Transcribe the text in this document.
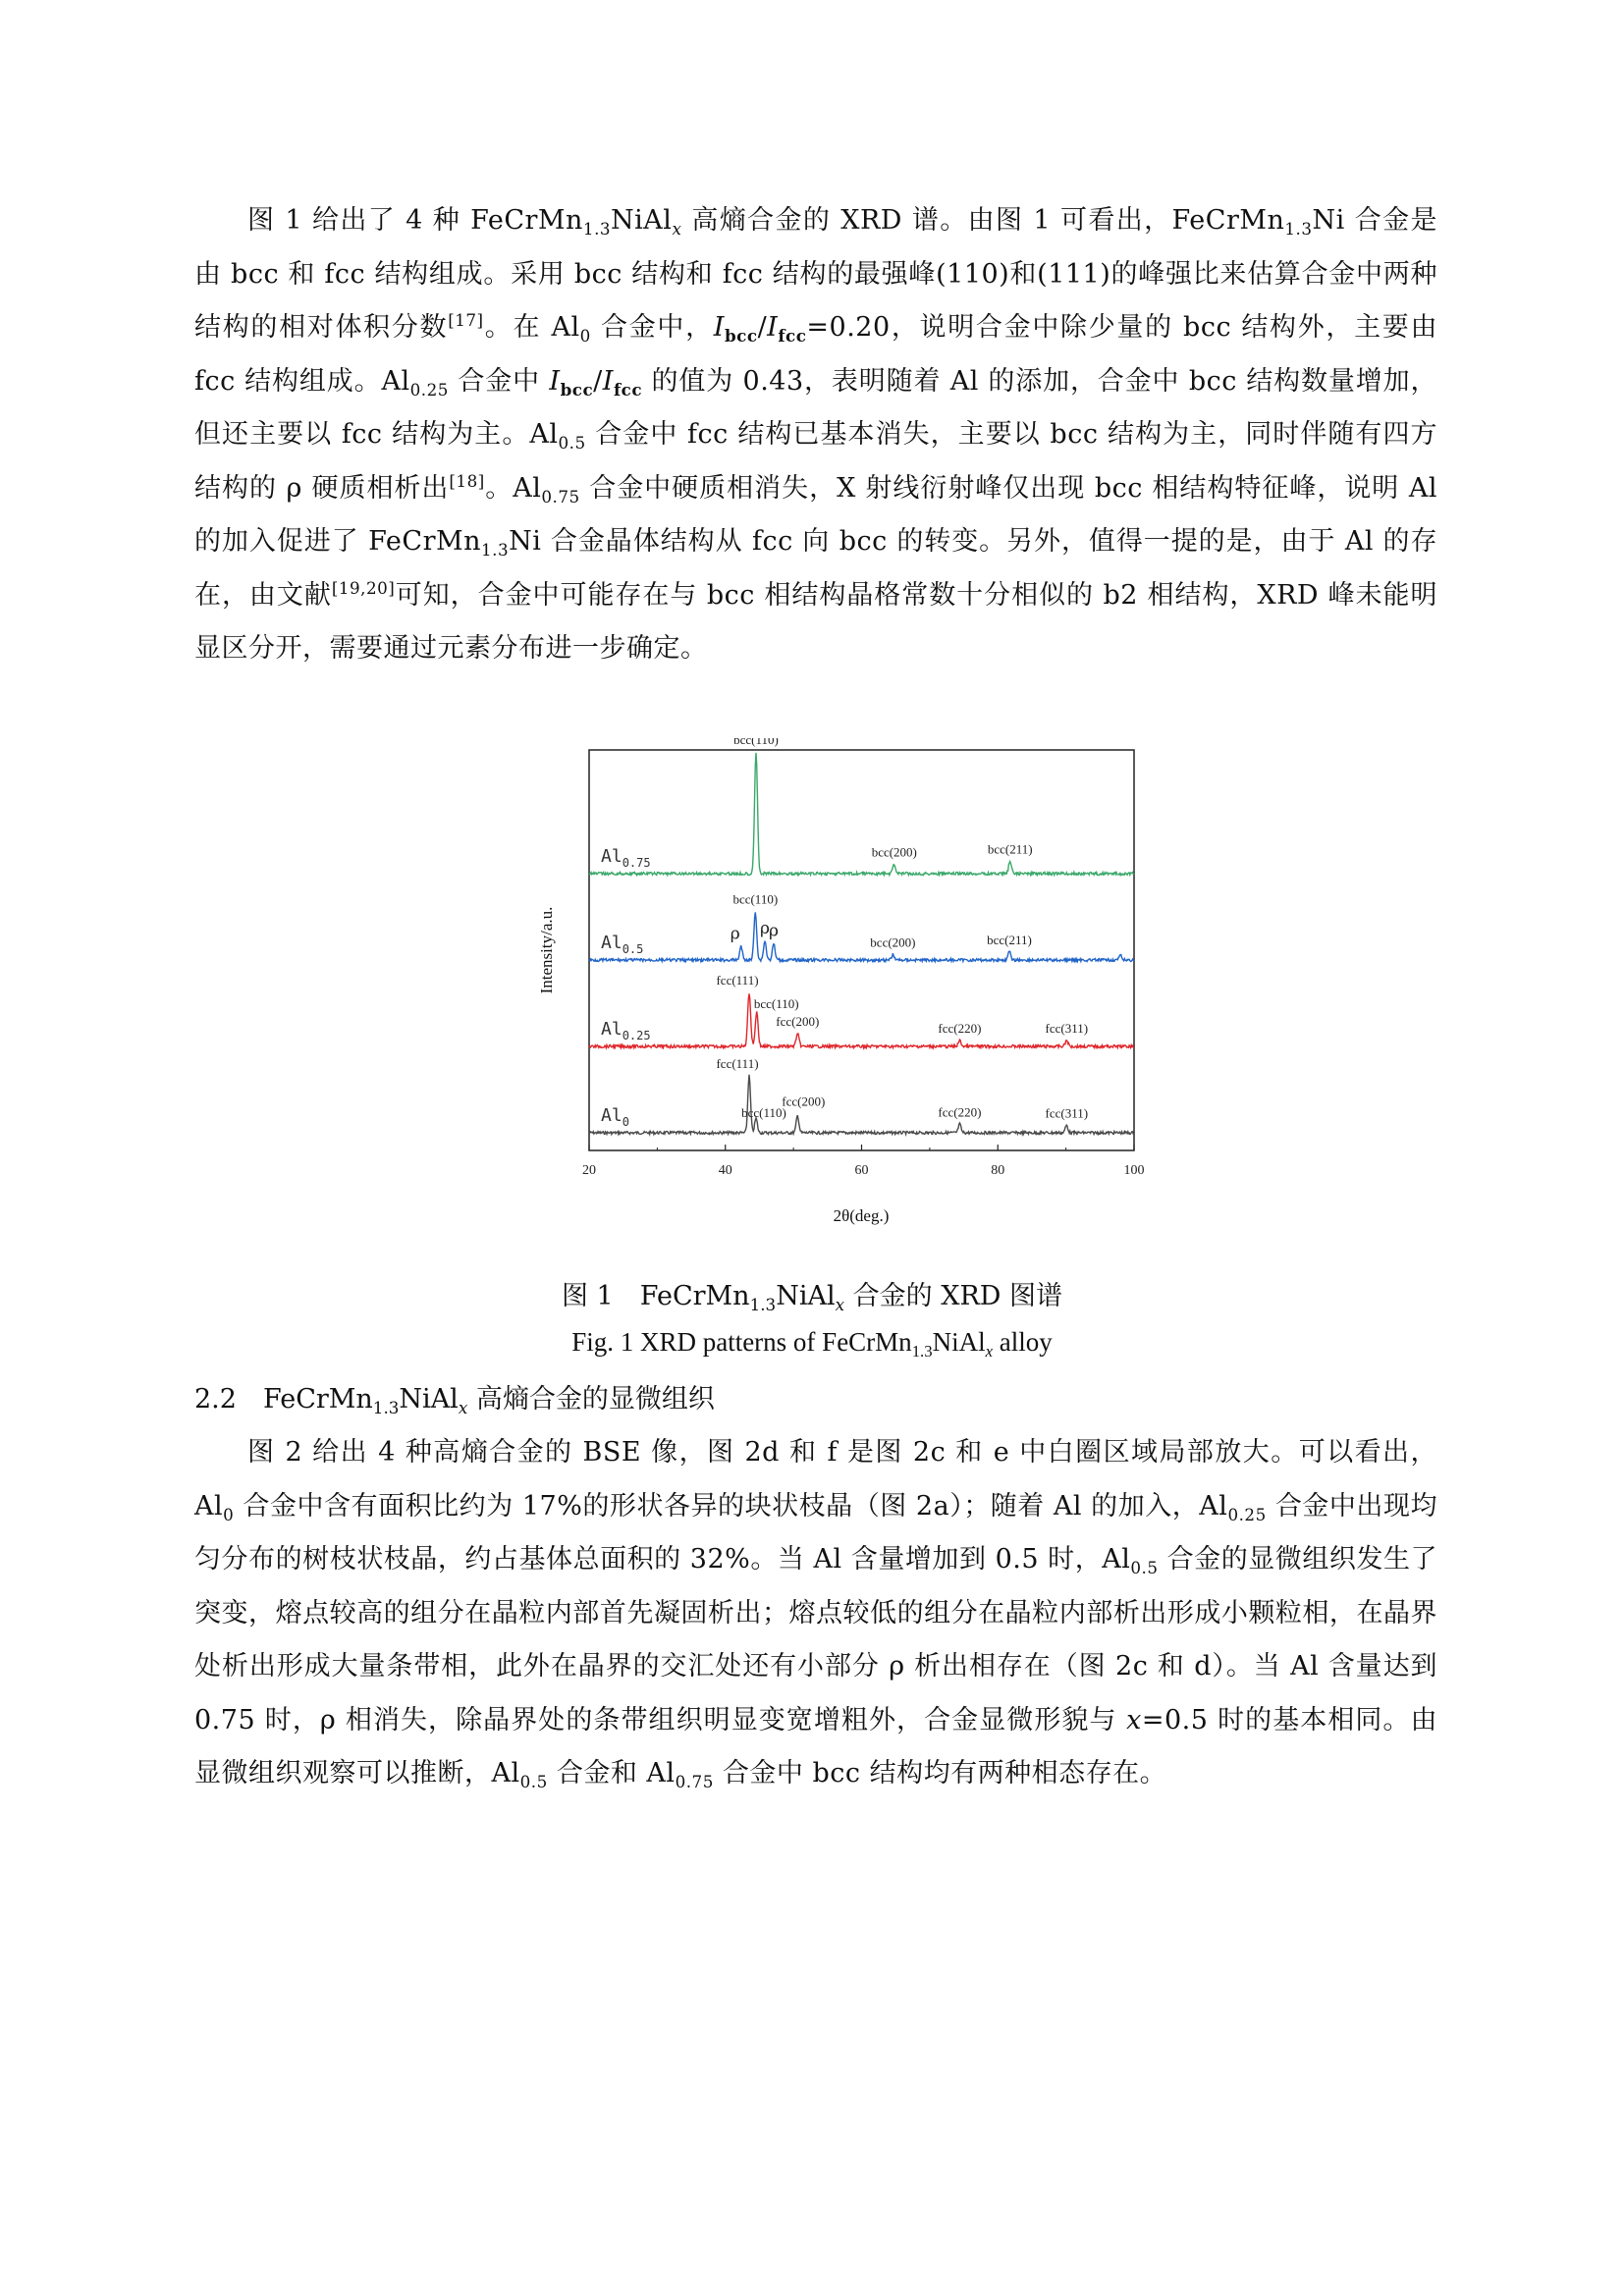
图 1 给出了 4 种 FeCrMn$_{1.3}$NiAl$_x$ 高熵合金的 XRD 谱。由图 1 可看出，FeCrMn$_{1.3}$Ni 合金是由 bcc 和 fcc 结构组成。采用 bcc 结构和 fcc 结构的最强峰(110)和(111)的峰强比来估算合金中两种结构的相对体积分数[17]。在 $Al_0$ 合金中，$I_{bcc}/I_{fcc}=0.20$，说明合金中除少量的 bcc 结构外，主要由 fcc 结构组成。$Al_{0.25}$ 合金中 $I_{bcc}/I_{fcc}$ 的值为 0.43，表明随着 Al 的添加，合金中 bcc 结构数量增加，但还主要以 fcc 结构为主。$Al_{0.5}$ 合金中 fcc 结构已基本消失，主要以 bcc 结构为主，同时伴随有四方结构的 ρ 硬质相析出[18]。$Al_{0.75}$ 合金中硬质相消失，X 射线衍射峰仅出现 bcc 相结构特征峰，说明 Al 的加入促进了 FeCrMn$_{1.3}$Ni 合金晶体结构从 fcc 向 bcc 的转变。另外，值得一提的是，由于 Al 的存在，由文献[19,20]可知，合金中可能存在与 bcc 相结构晶格常数十分相似的 b2 相结构，XRD 峰未能明显区分开，需要通过元素分布进一步确定。
20	40	60	80	100
$Al_0$
fcc(111)
bcc(110)
fcc(200)
fcc(220)	fcc(311)
$Al_{0.25}$
fcc(111)
bcc(110)
fcc(200)	fcc(220)	fcc(311)
$Al_{0.5}$
ρ
bcc(110)
ρ ρ
bcc(200)	bcc(211)
$Al_{0.75}$
bcc(110)
bcc(200)	bcc(211)
2θ(deg.)
Intensity/a.u.
图 1　FeCrMn$_{1.3}$NiAl$_x$ 合金的 XRD 图谱
Fig. 1 XRD patterns of FeCrMn$_{1.3}$NiAl$_x$ alloy
2.2　 FeCrMn$_{1.3}$NiAl$_x$ 高熵合金的显微组织
图 2 给出 4 种高熵合金的 BSE 像，图 2d 和 f 是图 2c 和 e 中白圈区域局部放大。可以看出， $Al_0$ 合金中含有面积比约为 17%的形状各异的块状枝晶（图 2a）；随着 Al 的加入，$Al_{0.25}$ 合金中出现均匀分布的树枝状枝晶，约占基体总面积的 32%。当 Al 含量增加到 0.5 时，$Al_{0.5}$ 合金的显微组织发生了突变，熔点较高的组分在晶粒内部首先凝固析出；熔点较低的组分在晶粒内部析出形成小颗粒相，在晶界处析出形成大量条带相，此外在晶界的交汇处还有小部分 ρ 析出相存在（图 2c 和 d）。当 Al 含量达到 0.75 时，ρ 相消失，除晶界处的条带组织明显变宽增粗外，合金显微形貌与 x=0.5 时的基本相同。由显微组织观察可以推断，$Al_{0.5}$ 合金和 $Al_{0.75}$ 合金中 bcc 结构均有两种相态存在。
